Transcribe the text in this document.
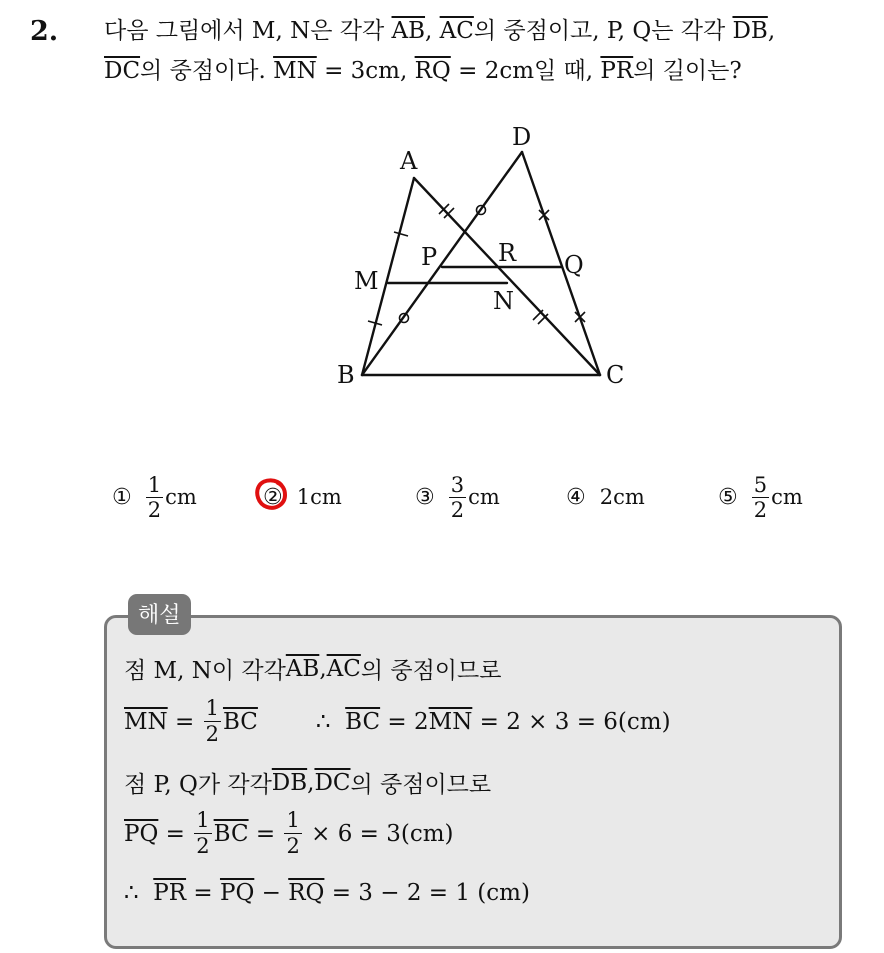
2. 다음 그림에서 M, N은 각각 $\overline{AB}$, $\overline{AC}$의 중점이고, P, Q는 각각 $\overline{DB}$,
$\overline{DC}$의 중점이다. $\overline{MN} = 3cm$, $\overline{RQ} = 2cm$일 때, $\overline{PR}$의 길이는?
A
D
B	C
M
N
P	R Q
① $\frac{1}{2}$ cm	② 1cm	③ $\frac{3}{2}$ cm	④ 2cm	⑤ $\frac{5}{2}$ cm
해설
점 M, N이 각각 $\overline{AB}$ , $\overline{AC}$ 의 중점이므로
$\overline{MN} = \frac{1}{2} \overline{BC}$	∴ $\overline{BC} = 2$ $\overline{MN} = 2 \times 3 = 6(cm)$
점 P, Q가 각각 $\overline{DB}$ , $\overline{DC}$ 의 중점이므로
$\overline{PQ} = \frac{1}{2} \overline{BC} = \frac{1}{2} \times 6 = 3(cm)$
∴ $\overline{PR} = \overline{PQ} - \overline{RQ} = 3 - 2 = 1$ (cm)
